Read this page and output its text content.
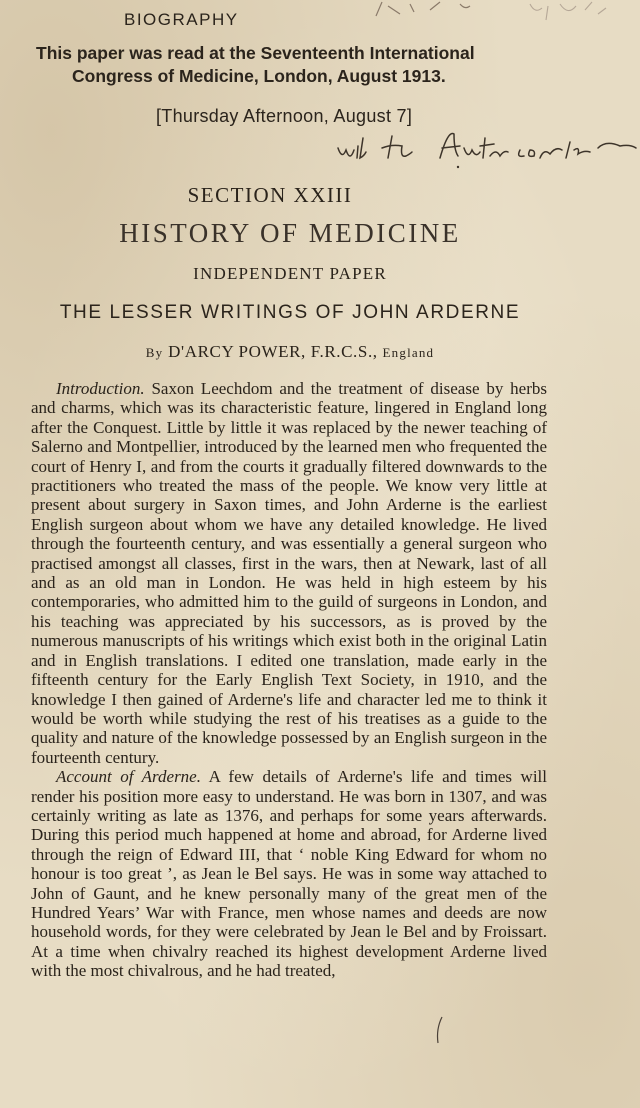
BIOGRAPHY
This paper was read at the Seventeenth International
Congress of Medicine, London, August 1913.
[Thursday Afternoon, August 7]
SECTION XXIII
HISTORY OF MEDICINE
INDEPENDENT PAPER
THE LESSER WRITINGS OF JOHN ARDERNE
By D'ARCY POWER, F.R.C.S., England

Introduction. Saxon Leechdom and the treatment of disease by herbs and charms, which was its characteristic feature, lingered in England long after the Conquest. Little by little it was replaced by the newer teaching of Salerno and Montpellier, introduced by the learned men who frequented the court of Henry I, and from the courts it gradually filtered downwards to the practitioners who treated the mass of the people. We know very little at present about surgery in Saxon times, and John Arderne is the earliest English surgeon about whom we have any detailed knowledge. He lived through the fourteenth century, and was essentially a general surgeon who practised amongst all classes, first in the wars, then at Newark, last of all and as an old man in London. He was held in high esteem by his contemporaries, who admitted him to the guild of surgeons in London, and his teaching was appreciated by his successors, as is proved by the numerous manuscripts of his writings which exist both in the original Latin and in English translations. I edited one translation, made early in the fifteenth century for the Early English Text Society, in 1910, and the knowledge I then gained of Arderne's life and character led me to think it would be worth while studying the rest of his treatises as a guide to the quality and nature of the knowledge possessed by an English surgeon in the fourteenth century.

Account of Arderne. A few details of Arderne's life and times will render his position more easy to understand. He was born in 1307, and was certainly writing as late as 1376, and perhaps for some years afterwards. During this period much happened at home and abroad, for Arderne lived through the reign of Edward III, that ‘ noble King Edward for whom no honour is too great ’, as Jean le Bel says. He was in some way attached to John of Gaunt, and he knew personally many of the great men of the Hundred Years’ War with France, men whose names and deeds are now household words, for they were celebrated by Jean le Bel and by Froissart. At a time when chivalry reached its highest development Arderne lived with the most chivalrous, and he had treated,
